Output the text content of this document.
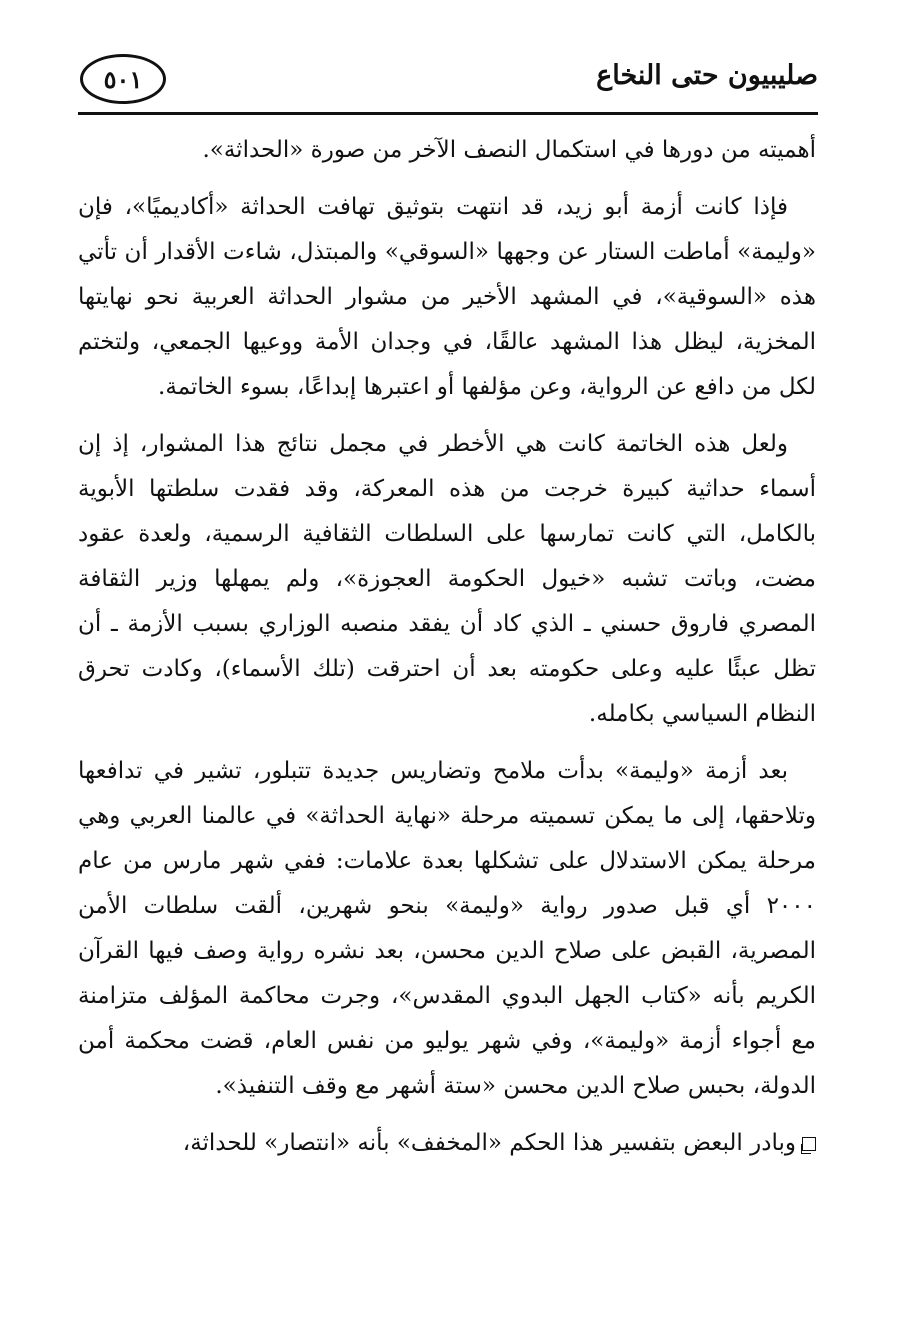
صليبيون حتى النخاع
٥٠١

أهميته من دورها في استكمال النصف الآخر من صورة «الحداثة».

فإذا كانت أزمة أبو زيد، قد انتهت بتوثيق تهافت الحداثة «أكاديميًا»، فإن «وليمة» أماطت الستار عن وجهها «السوقي» والمبتذل، شاءت الأقدار أن تأتي هذه «السوقية»، في المشهد الأخير من مشوار الحداثة العربية نحو نهايتها المخزية، ليظل هذا المشهد عالقًا، في وجدان الأمة ووعيها الجمعي، ولتختم لكل من دافع عن الرواية، وعن مؤلفها أو اعتبرها إبداعًا، بسوء الخاتمة.

ولعل هذه الخاتمة كانت هي الأخطر في مجمل نتائج هذا المشوار، إذ إن أسماء حداثية كبيرة خرجت من هذه المعركة، وقد فقدت سلطتها الأبوية بالكامل، التي كانت تمارسها على السلطات الثقافية الرسمية، ولعدة عقود مضت، وباتت تشبه «خيول الحكومة العجوزة»، ولم يمهلها وزير الثقافة المصري فاروق حسني ـ الذي كاد أن يفقد منصبه الوزاري بسبب الأزمة ـ أن تظل عبئًا عليه وعلى حكومته بعد أن احترقت (تلك الأسماء)، وكادت تحرق النظام السياسي بكامله.

بعد أزمة «وليمة» بدأت ملامح وتضاريس جديدة تتبلور، تشير في تدافعها وتلاحقها، إلى ما يمكن تسميته مرحلة «نهاية الحداثة» في عالمنا العربي وهي مرحلة يمكن الاستدلال على تشكلها بعدة علامات: ففي شهر مارس من عام ٢٠٠٠ أي قبل صدور رواية «وليمة» بنحو شهرين، ألقت سلطات الأمن المصرية، القبض على صلاح الدين محسن، بعد نشره رواية وصف فيها القرآن الكريم بأنه «كتاب الجهل البدوي المقدس»، وجرت محاكمة المؤلف متزامنة مع أجواء أزمة «وليمة»، وفي شهر يوليو من نفس العام، قضت محكمة أمن الدولة، بحبس صلاح الدين محسن «ستة أشهر مع وقف التنفيذ».

وبادر البعض بتفسير هذا الحكم «المخفف» بأنه «انتصار» للحداثة،
